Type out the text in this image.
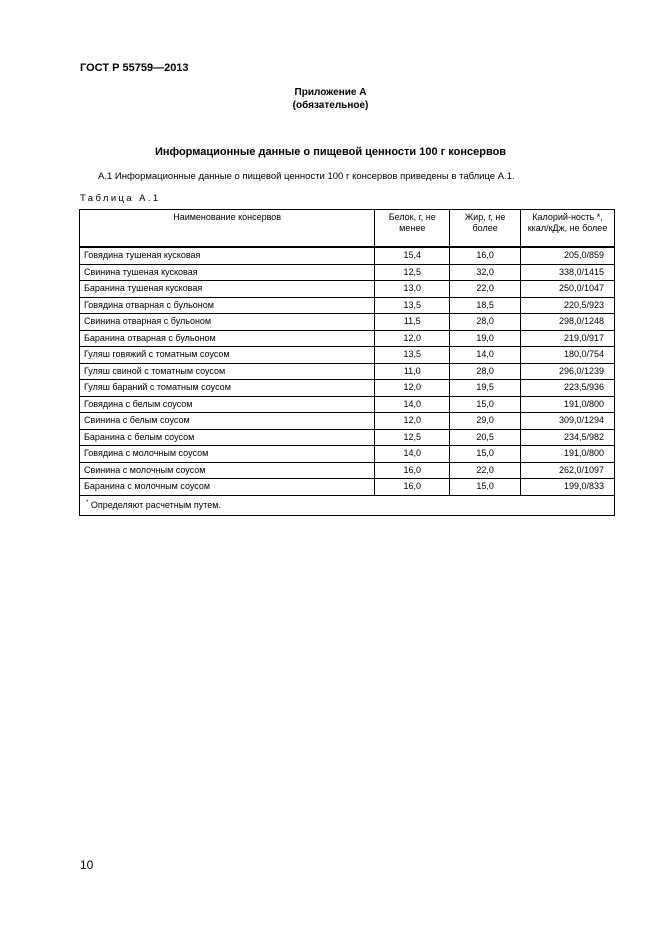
ГОСТ Р 55759—2013
Приложение А
(обязательное)
Информационные данные о пищевой ценности 100 г консервов
А.1 Информационные данные о пищевой ценности 100 г консервов приведены в таблице А.1.
Таблица А.1
Наименование консервов	Белок, г, не менее	Жир, г, не более	Калорий-ность *, ккал/кДж, не более
Говядина тушеная кусковая	15,4	16,0	205,0/859
Свинина тушеная кусковая	12,5	32,0	338,0/1415
Баранина тушеная кусковая	13,0	22,0	250,0/1047
Говядина отварная с бульоном	13,5	18,5	220,5/923
Свинина отварная с бульоном	11,5	28,0	298,0/1248
Баранина отварная с бульоном	12,0	19,0	219,0/917
Гуляш говяжий с томатным соусом	13,5	14,0	180,0/754
Гуляш свиной с томатным соусом	11,0	28,0	296,0/1239
Гуляш бараний с томатным соусом	12,0	19,5	223,5/936
Говядина с белым соусом	14,0	15,0	191,0/800
Свинина с белым соусом	12,0	29,0	309,0/1294
Баранина с белым соусом	12,5	20,5	234,5/982
Говядина с молочным соусом	14,0	15,0	191,0/800
Свинина с молочным соусом	16,0	22,0	262,0/1097
Баранина с молочным соусом	16,0	15,0	199,0/833
* Определяют расчетным путем.			
10
